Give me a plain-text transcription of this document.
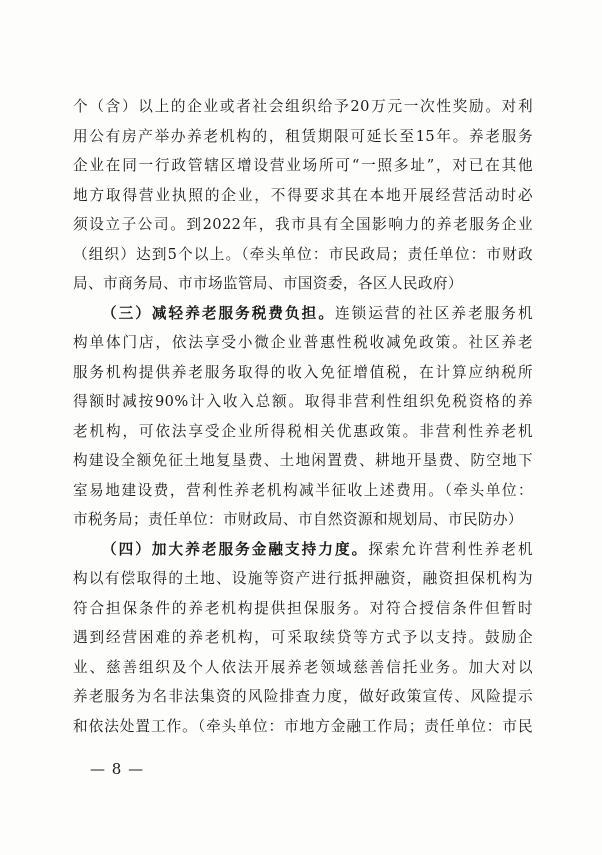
个（含）以上的企业或者社会组织给予20万元一次性奖励。对利
用公有房产举办养老机构的，租赁期限可延长至15年。养老服务
企业在同一行政管辖区增设营业场所可“一照多址”，对已在其他
地方取得营业执照的企业，不得要求其在本地开展经营活动时必
须设立子公司。到2022年，我市具有全国影响力的养老服务企业
（组织）达到5个以上。（牵头单位：市民政局；责任单位：市财政
局、市商务局、市市场监管局、市国资委，各区人民政府）
（三）减轻养老服务税费负担。连锁运营的社区养老服务机
构单体门店，依法享受小微企业普惠性税收减免政策。社区养老
服务机构提供养老服务取得的收入免征增值税，在计算应纳税所
得额时减按90%计入收入总额。取得非营利性组织免税资格的养
老机构，可依法享受企业所得税相关优惠政策。非营利性养老机
构建设全额免征土地复垦费、土地闲置费、耕地开垦费、防空地下
室易地建设费，营利性养老机构减半征收上述费用。（牵头单位：
市税务局；责任单位：市财政局、市自然资源和规划局、市民防办）
（四）加大养老服务金融支持力度。探索允许营利性养老机
构以有偿取得的土地、设施等资产进行抵押融资，融资担保机构为
符合担保条件的养老机构提供担保服务。对符合授信条件但暂时
遇到经营困难的养老机构，可采取续贷等方式予以支持。鼓励企
业、慈善组织及个人依法开展养老领域慈善信托业务。加大对以
养老服务为名非法集资的风险排查力度，做好政策宣传、风险提示
和依法处置工作。（牵头单位：市地方金融工作局；责任单位：市民
— 8 —
